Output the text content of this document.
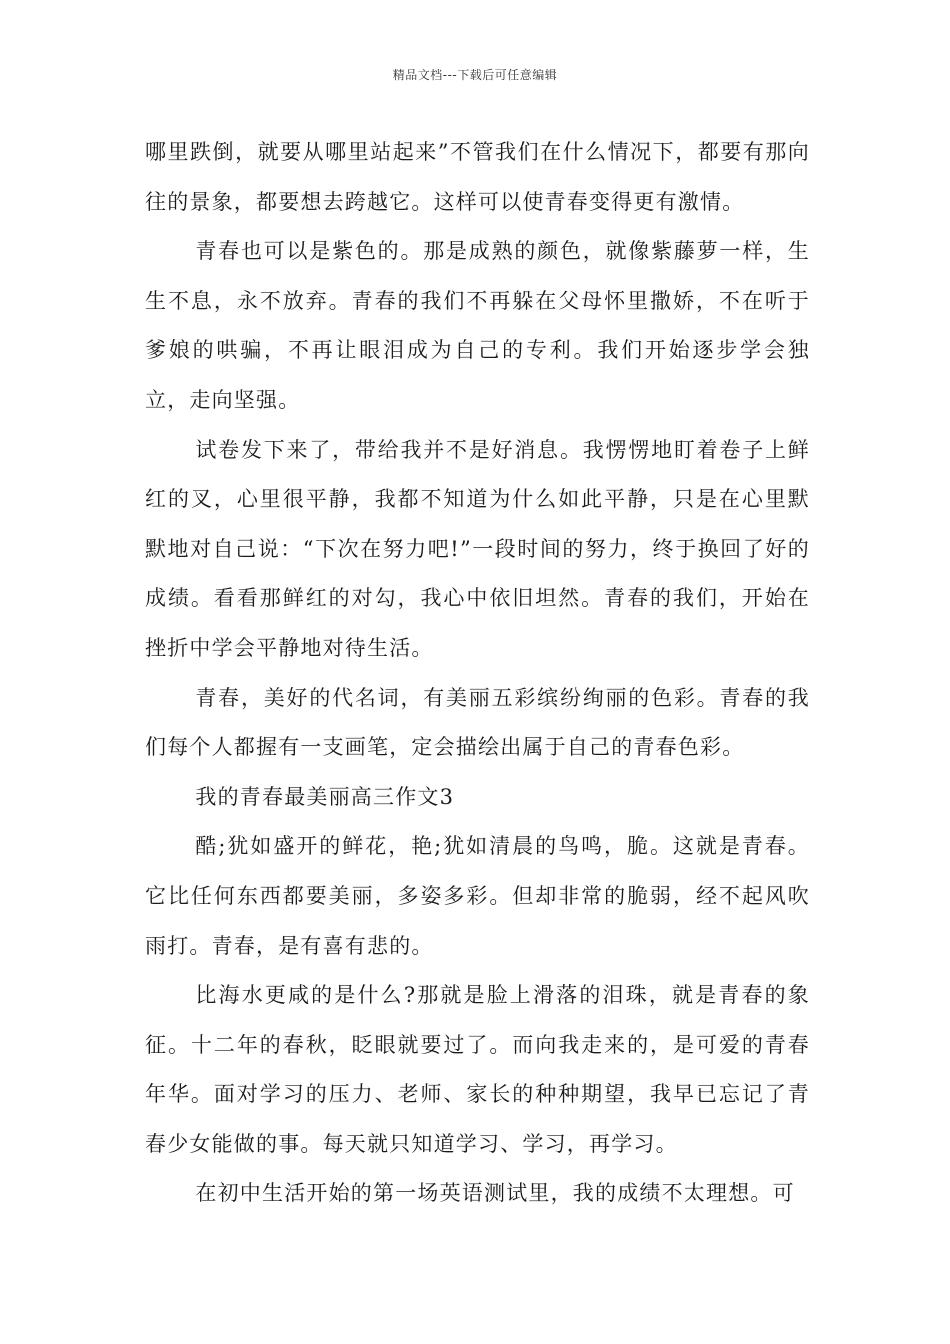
精品文档---下载后可任意编辑

哪里跌倒，就要从哪里站起来”不管我们在什么情况下，都要有那向往的景象，都要想去跨越它。这样可以使青春变得更有激情。

青春也可以是紫色的。那是成熟的颜色，就像紫藤萝一样，生生不息，永不放弃。青春的我们不再躲在父母怀里撒娇，不在听于爹娘的哄骗，不再让眼泪成为自己的专利。我们开始逐步学会独立，走向坚强。

试卷发下来了，带给我并不是好消息。我愣愣地盯着卷子上鲜红的叉，心里很平静，我都不知道为什么如此平静，只是在心里默默地对自己说：“下次在努力吧!”一段时间的努力，终于换回了好的成绩。看看那鲜红的对勾，我心中依旧坦然。青春的我们，开始在挫折中学会平静地对待生活。

青春，美好的代名词，有美丽五彩缤纷绚丽的色彩。青春的我们每个人都握有一支画笔，定会描绘出属于自己的青春色彩。

我的青春最美丽高三作文3

酷;犹如盛开的鲜花，艳;犹如清晨的鸟鸣，脆。这就是青春。它比任何东西都要美丽，多姿多彩。但却非常的脆弱，经不起风吹雨打。青春，是有喜有悲的。

比海水更咸的是什么?那就是脸上滑落的泪珠，就是青春的象征。十二年的春秋，眨眼就要过了。而向我走来的，是可爱的青春年华。面对学习的压力、老师、家长的种种期望，我早已忘记了青春少女能做的事。每天就只知道学习、学习，再学习。

在初中生活开始的第一场英语测试里，我的成绩不太理想。可
